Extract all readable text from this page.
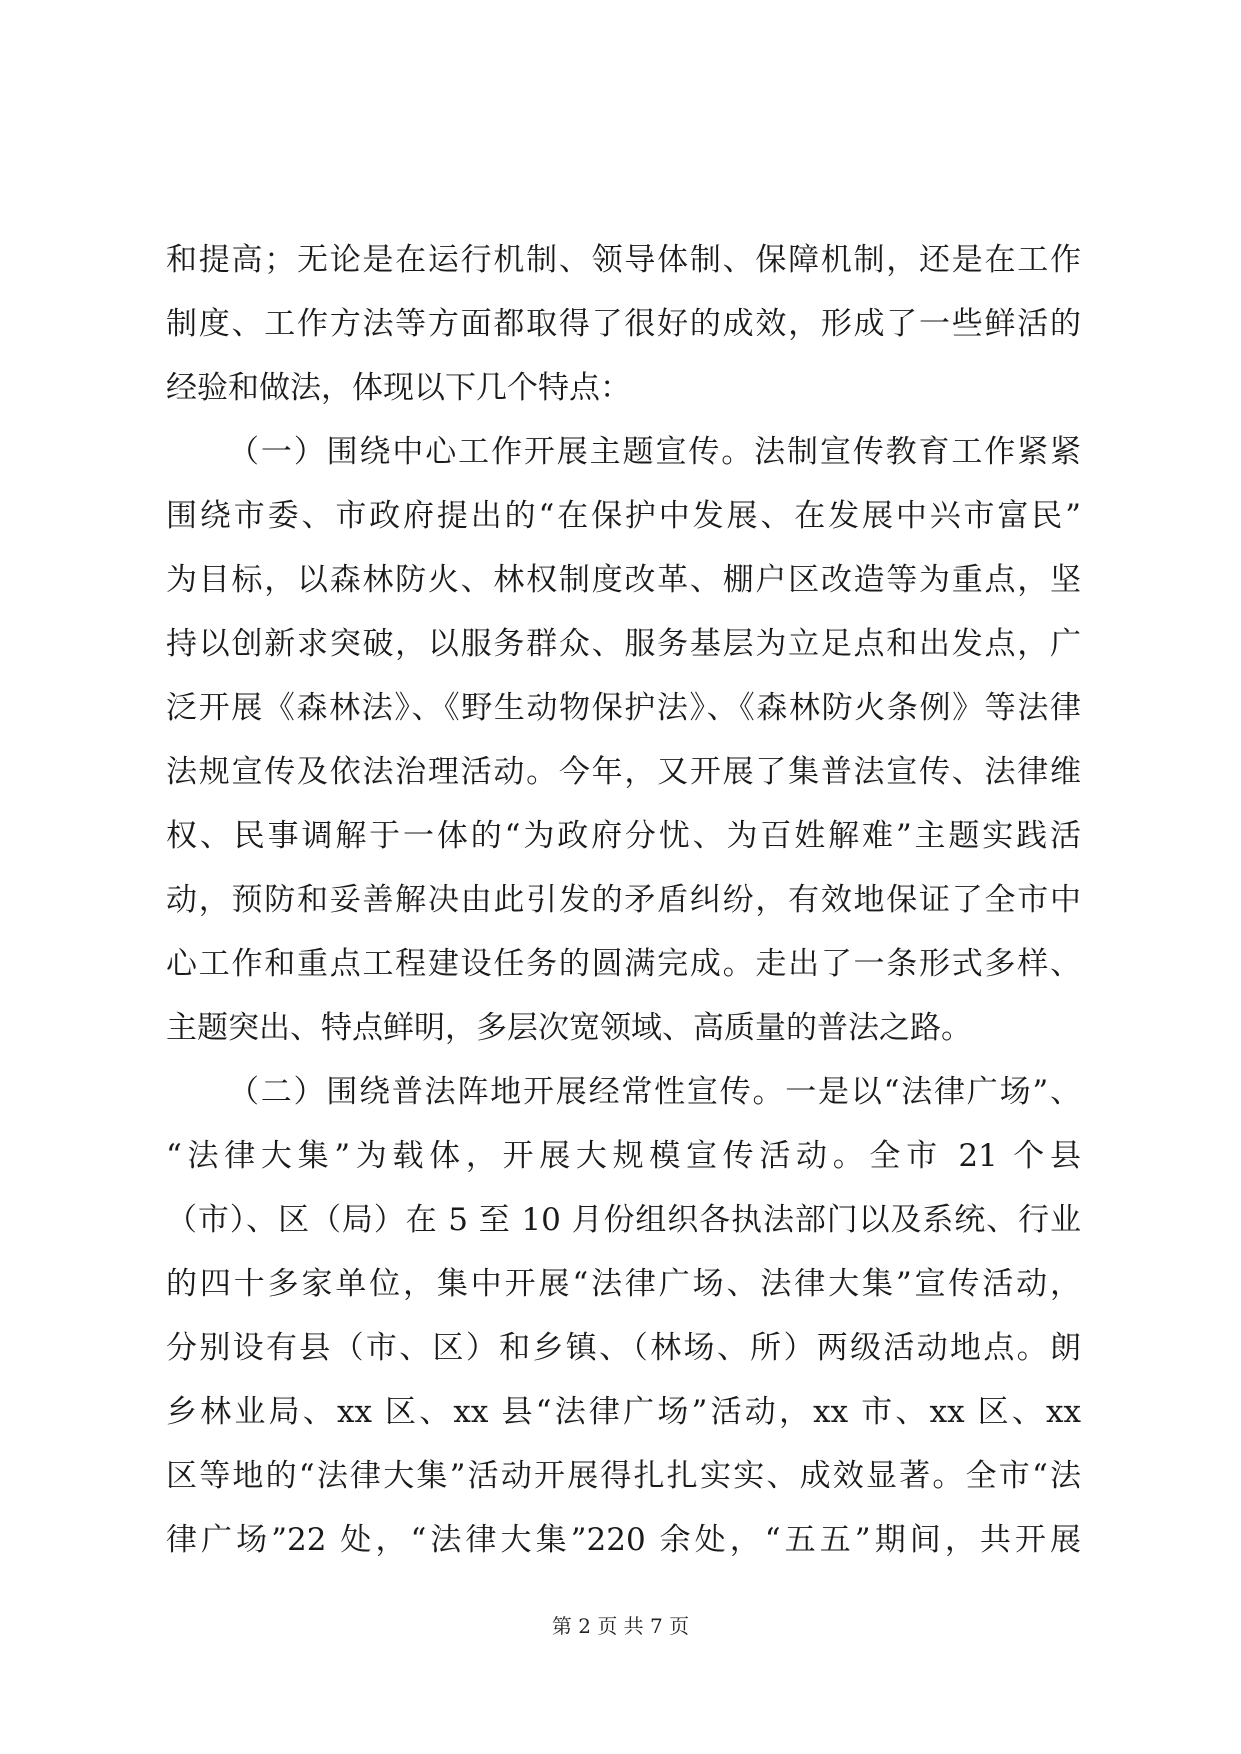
和提高；无论是在运行机制、领导体制、保障机制，还是在工作
制度、工作方法等方面都取得了很好的成效，形成了一些鲜活的
经验和做法，体现以下几个特点：
（一）围绕中心工作开展主题宣传。法制宣传教育工作紧紧
围绕市委、市政府提出的“在保护中发展、在发展中兴市富民”
为目标，以森林防火、林权制度改革、棚户区改造等为重点，坚
持以创新求突破，以服务群众、服务基层为立足点和出发点，广
泛开展《森林法》、《野生动物保护法》、《森林防火条例》等法律
法规宣传及依法治理活动。今年，又开展了集普法宣传、法律维
权、民事调解于一体的“为政府分忧、为百姓解难”主题实践活
动，预防和妥善解决由此引发的矛盾纠纷，有效地保证了全市中
心工作和重点工程建设任务的圆满完成。走出了一条形式多样、
主题突出、特点鲜明，多层次宽领域、高质量的普法之路。
（二）围绕普法阵地开展经常性宣传。一是以“法律广场”、
“法律大集”为载体，开展大规模宣传活动。全市 21 个县
（市）、区（局）在 5 至 10 月份组织各执法部门以及系统、行业
的四十多家单位，集中开展“法律广场、法律大集”宣传活动，
分别设有县（市、区）和乡镇、（林场、所）两级活动地点。朗
乡林业局、xx 区、xx 县“法律广场”活动，xx 市、xx 区、xx
区等地的“法律大集”活动开展得扎扎实实、成效显著。全市“法
律广场”22 处，“法律大集”220 余处，“五五”期间，共开展
第 2 页 共 7 页
